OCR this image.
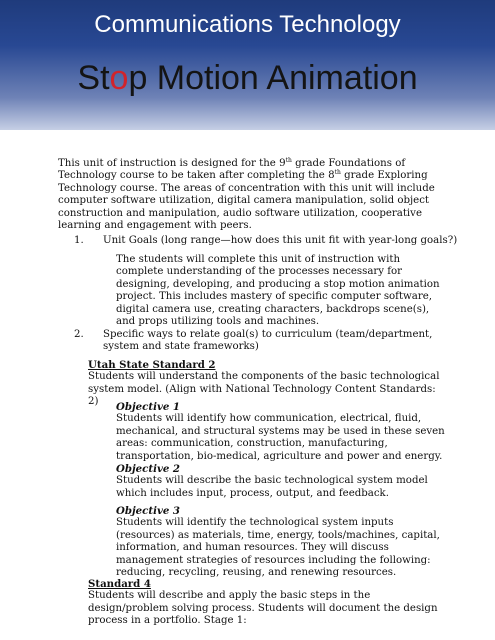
Communications Technology
Stop Motion Animation

This unit of instruction is designed for the 9th grade Foundations of Technology course to be taken after completing the 8th grade Exploring Technology course. The areas of concentration with this unit will include computer software utilization, digital camera manipulation, solid object construction and manipulation, audio software utilization, cooperative learning and engagement with peers.

1. Unit Goals (long range—how does this unit fit with year-long goals?)

The students will complete this unit of instruction with complete understanding of the processes necessary for designing, developing, and producing a stop motion animation project. This includes mastery of specific computer software, digital camera use, creating characters, backdrops scene(s), and props utilizing tools and machines.

2. Specific ways to relate goal(s) to curriculum (team/department, system and state frameworks)

Utah State Standard 2

Students will understand the components of the basic technological system model. (Align with National Technology Content Standards: 2)	Objective 1

Students will identify how communication, electrical, fluid, mechanical, and structural systems may be used in these seven areas: communication, construction, manufacturing, transportation, bio-medical, agriculture and power and energy.

Objective 2

Students will describe the basic technological system model which includes input, process, output, and feedback.

Objective 3

Students will identify the technological system inputs (resources) as materials, time, energy, tools/machines, capital, information, and human resources. They will discuss management strategies of resources including the following: reducing, recycling, reusing, and renewing resources.

Standard 4

Students will describe and apply the basic steps in the design/problem solving process. Students will document the design process in a portfolio. Stage 1:
